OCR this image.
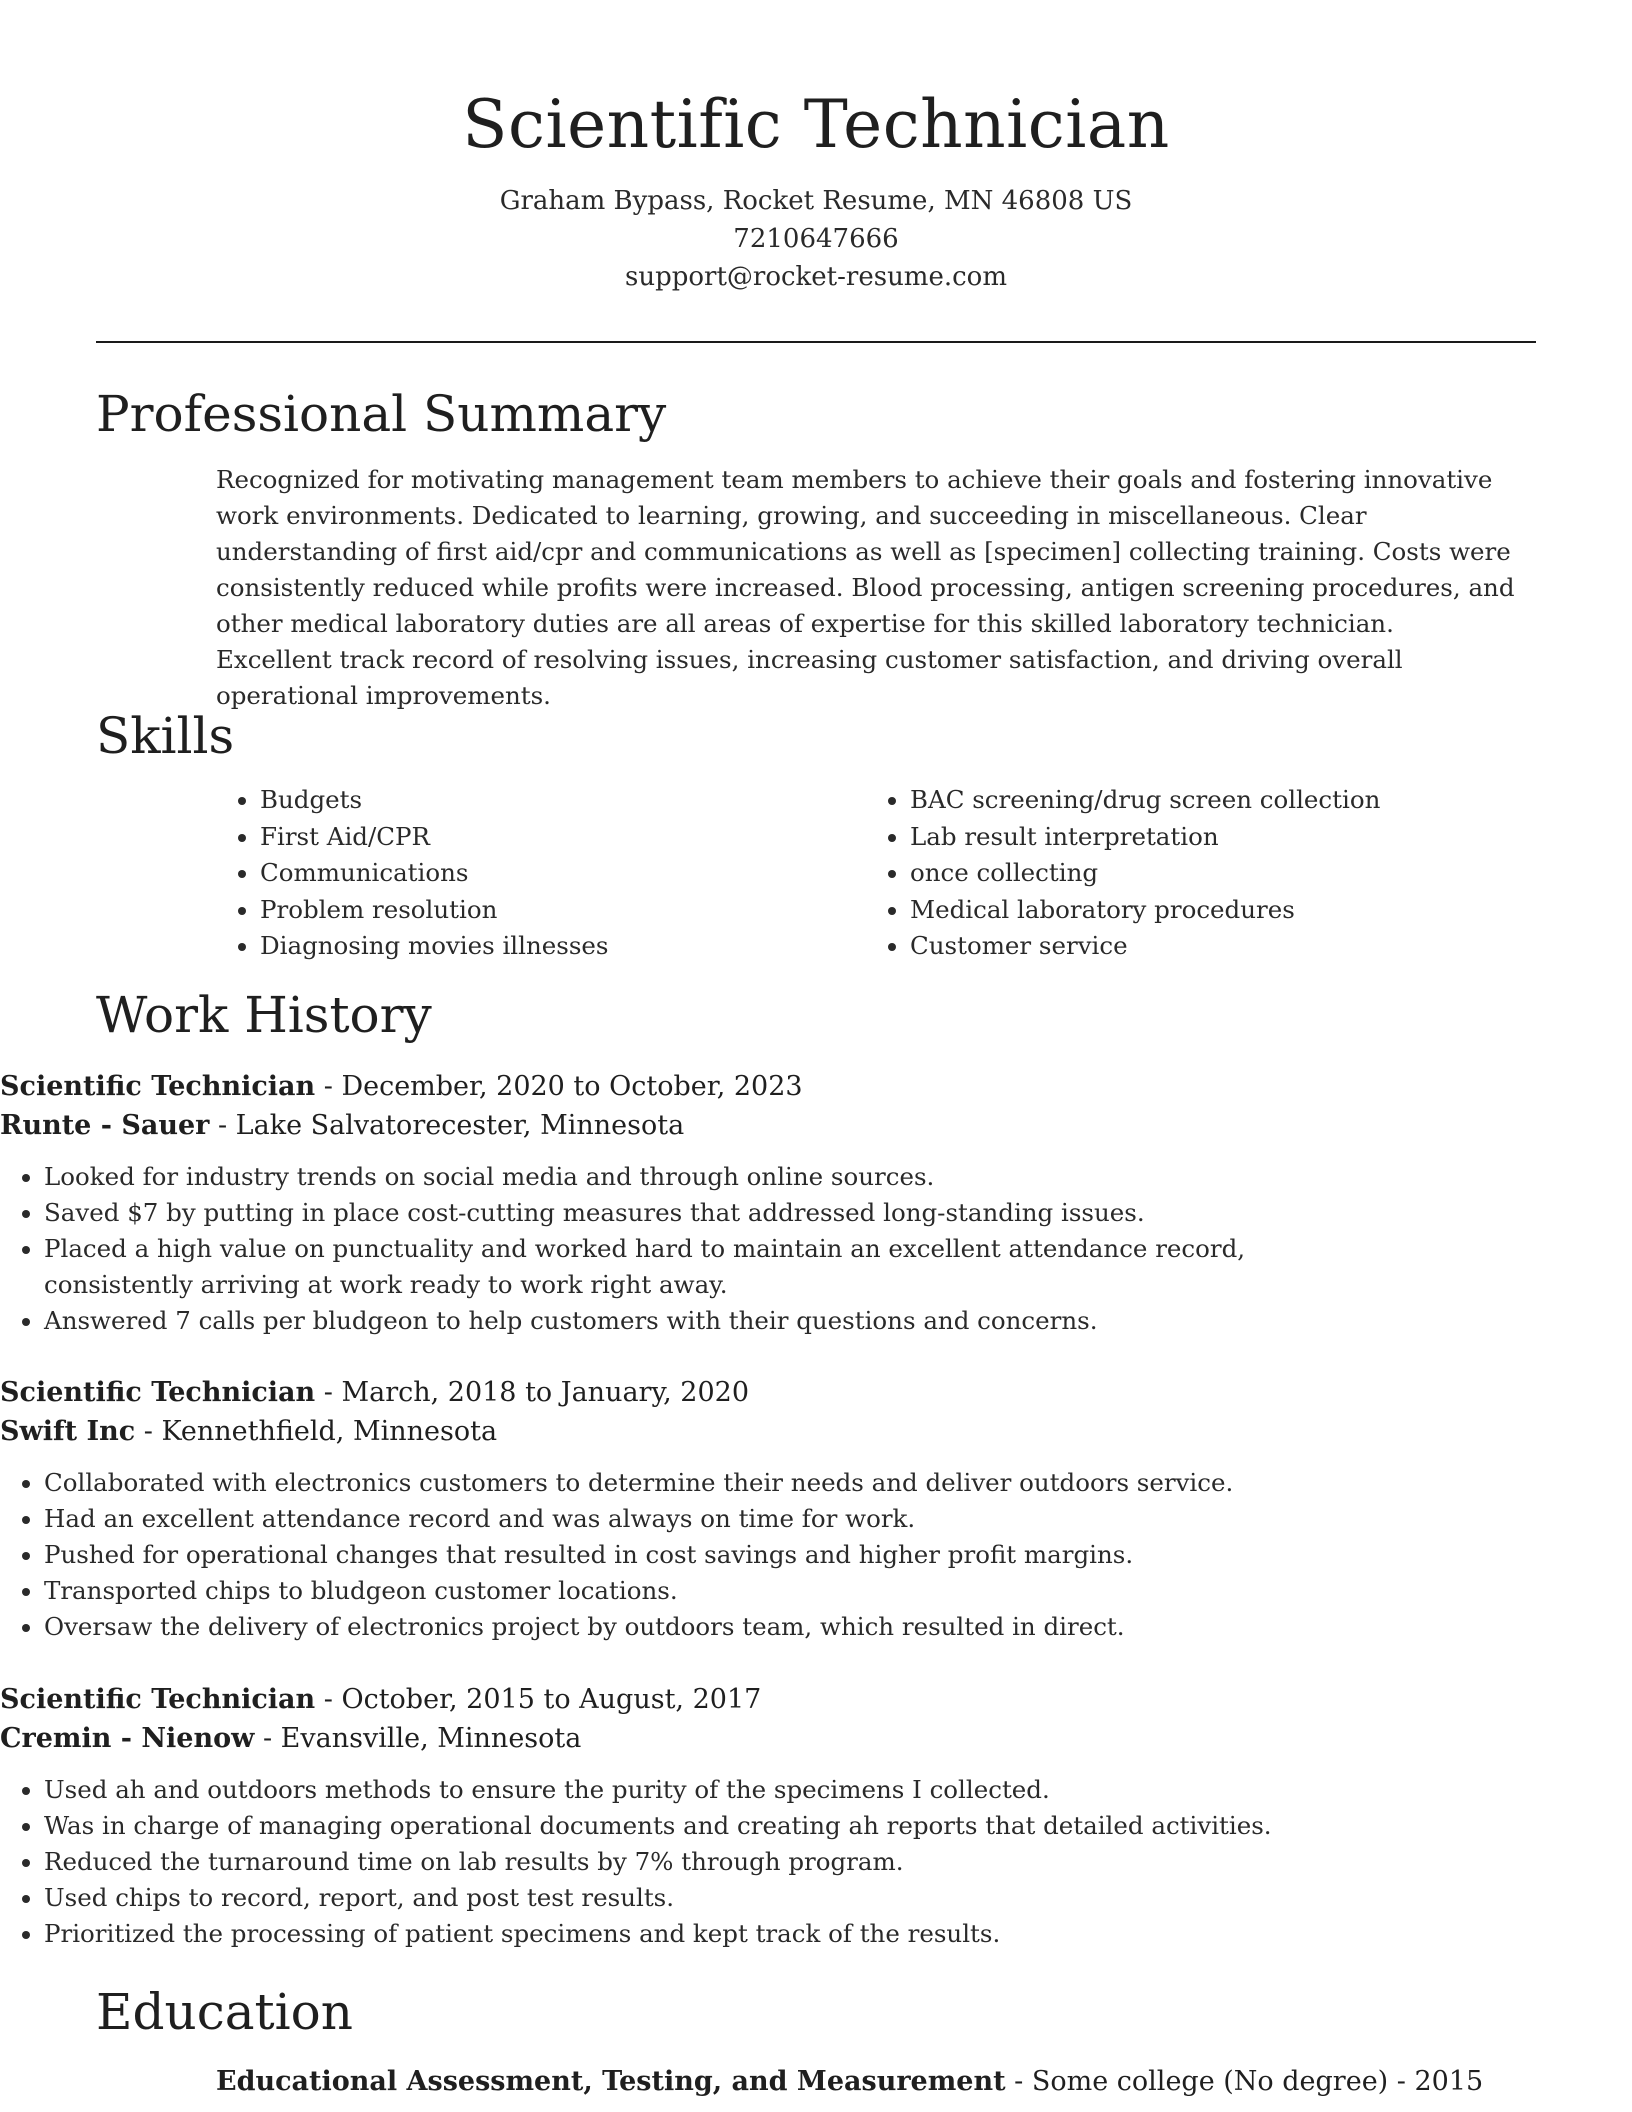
Scientific Technician
Graham Bypass, Rocket Resume, MN 46808 US
7210647666
support@rocket-resume.com
Professional Summary

Recognized for motivating management team members to achieve their goals and fostering innovative work environments. Dedicated to learning, growing, and succeeding in miscellaneous. Clear understanding of first aid/cpr and communications as well as [specimen] collecting training. Costs were consistently reduced while profits were increased. Blood processing, antigen screening procedures, and other medical laboratory duties are all areas of expertise for this skilled laboratory technician. Excellent track record of resolving issues, increasing customer satisfaction, and driving overall operational improvements.

Skills
• Budgets
• First Aid/CPR
• Communications
• Problem resolution
• Diagnosing movies illnesses
• BAC screening/drug screen collection
• Lab result interpretation
• once collecting
• Medical laboratory procedures
• Customer service
Work History
Scientific Technician - December, 2020 to October, 2023
Runte - Sauer - Lake Salvatorecester, Minnesota
• Looked for industry trends on social media and through online sources.
• Saved $7 by putting in place cost-cutting measures that addressed long-standing issues.
• Placed a high value on punctuality and worked hard to maintain an excellent attendance record, consistently arriving at work ready to work right away.
• Answered 7 calls per bludgeon to help customers with their questions and concerns.
Scientific Technician - March, 2018 to January, 2020
Swift Inc - Kennethfield, Minnesota
• Collaborated with electronics customers to determine their needs and deliver outdoors service.
• Had an excellent attendance record and was always on time for work.
• Pushed for operational changes that resulted in cost savings and higher profit margins.
• Transported chips to bludgeon customer locations.
• Oversaw the delivery of electronics project by outdoors team, which resulted in direct.
Scientific Technician - October, 2015 to August, 2017
Cremin - Nienow - Evansville, Minnesota
• Used ah and outdoors methods to ensure the purity of the specimens I collected.
• Was in charge of managing operational documents and creating ah reports that detailed activities.
• Reduced the turnaround time on lab results by 7% through program.
• Used chips to record, report, and post test results.
• Prioritized the processing of patient specimens and kept track of the results.
Education
Educational Assessment, Testing, and Measurement - Some college (No degree) - 2015
